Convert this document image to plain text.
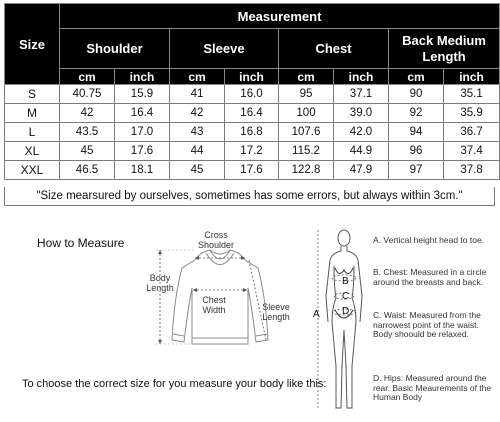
Size	Measurement							
	Shoulder		Sleeve		Chest		Back Medium Length	
	cm	inch	cm	inch	cm	inch	cm	inch
S	40.75	15.9	41	16.0	95	37.1	90	35.1
M	42	16.4	42	16.4	100	39.0	92	35.9
L	43.5	17.0	43	16.8	107.6	42.0	94	36.7
XL	45	17.6	44	17.2	115.2	44.9	96	37.4
XXL	46.5	18.1	45	17.6	122.8	47.9	97	37.8
"Size mearsured by ourselves, sometimes has some errors, but always within 3cm."
How to Measure
Cross
Shoulder
Body
Length
Chest
Width	Sleeve
Length
To choose the correct size for you measure your body like this:
A
B
C
D
A. Vertical height head to toe.
B. Chest: Measured in a circle around the breasts and back.
C. Waist: Measured from the narrowest point of the waist. Body shoould be relaxed.
D. Hips: Measured around the rear. Basic Meaurements of the Human Body
